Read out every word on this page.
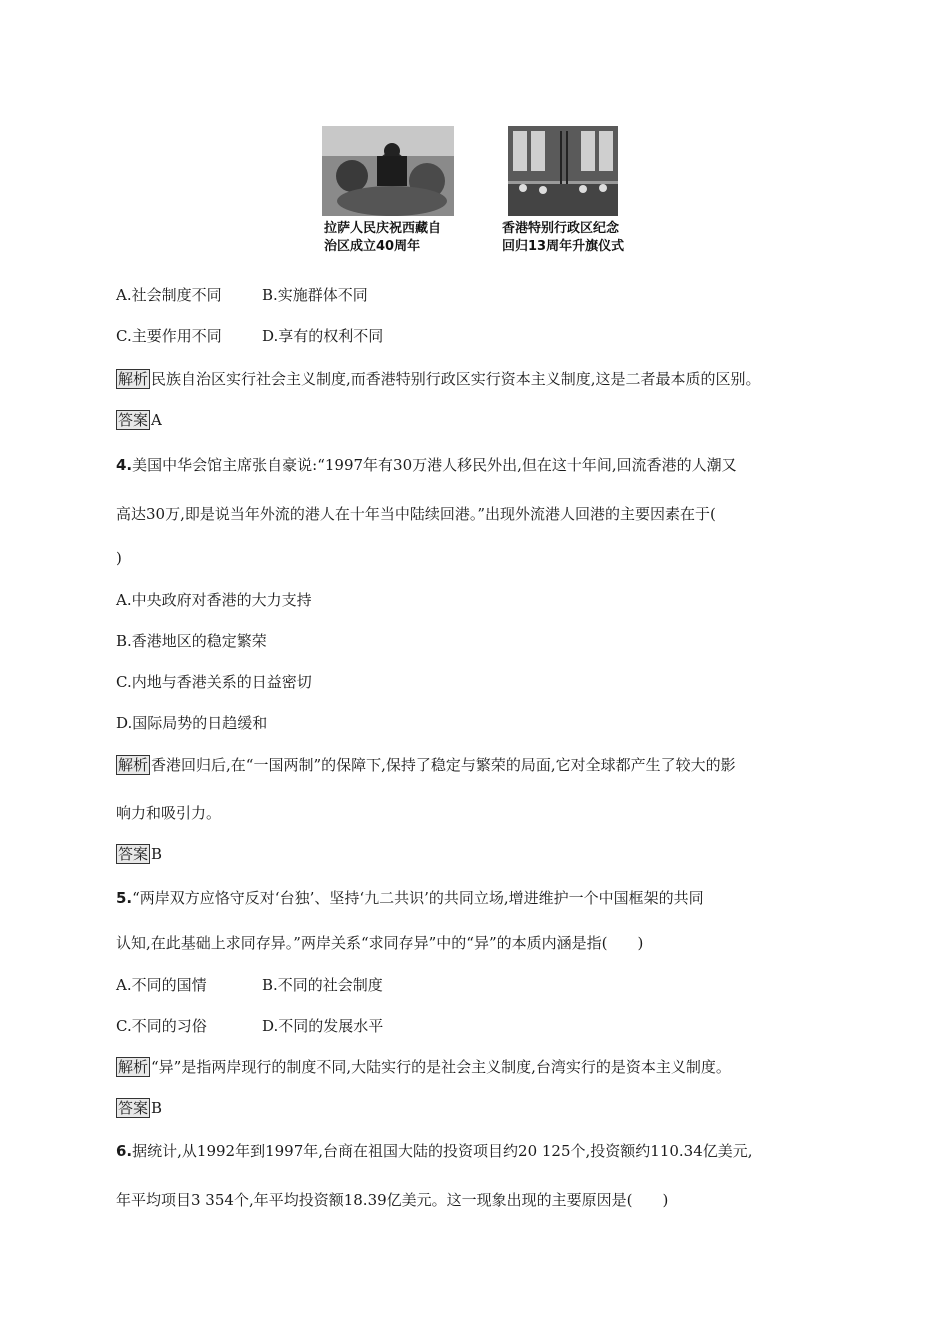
拉萨人民庆祝西藏自
治区成立40周年
香港特别行政区纪念
回归13周年升旗仪式
A.社会制度不同	B.实施群体不同
C.主要作用不同	D.享有的权利不同
解析 民族自治区实行社会主义制度,而香港特别行政区实行资本主义制度,这是二者最本质的区别。
答案 A
4.美国中华会馆主席张自豪说:“1997年有30万港人移民外出,但在这十年间,回流香港的人潮又
高达30万,即是说当年外流的港人在十年当中陆续回港。”出现外流港人回港的主要因素在于(
)
A.中央政府对香港的大力支持
B.香港地区的稳定繁荣
C.内地与香港关系的日益密切
D.国际局势的日趋缓和
解析 香港回归后,在“一国两制”的保障下,保持了稳定与繁荣的局面,它对全球都产生了较大的影
响力和吸引力。
答案 B
5.“两岸双方应恪守反对‘台独’、坚持‘九二共识’的共同立场,增进维护一个中国框架的共同
认知,在此基础上求同存异。”两岸关系“求同存异”中的“异”的本质内涵是指(　　)
A.不同的国情	B.不同的社会制度
C.不同的习俗	D.不同的发展水平
解析 “异”是指两岸现行的制度不同,大陆实行的是社会主义制度,台湾实行的是资本主义制度。
答案 B
6.据统计,从1992年到1997年,台商在祖国大陆的投资项目约20 125个,投资额约110.34亿美元,
年平均项目3 354个,年平均投资额18.39亿美元。这一现象出现的主要原因是(　　)
